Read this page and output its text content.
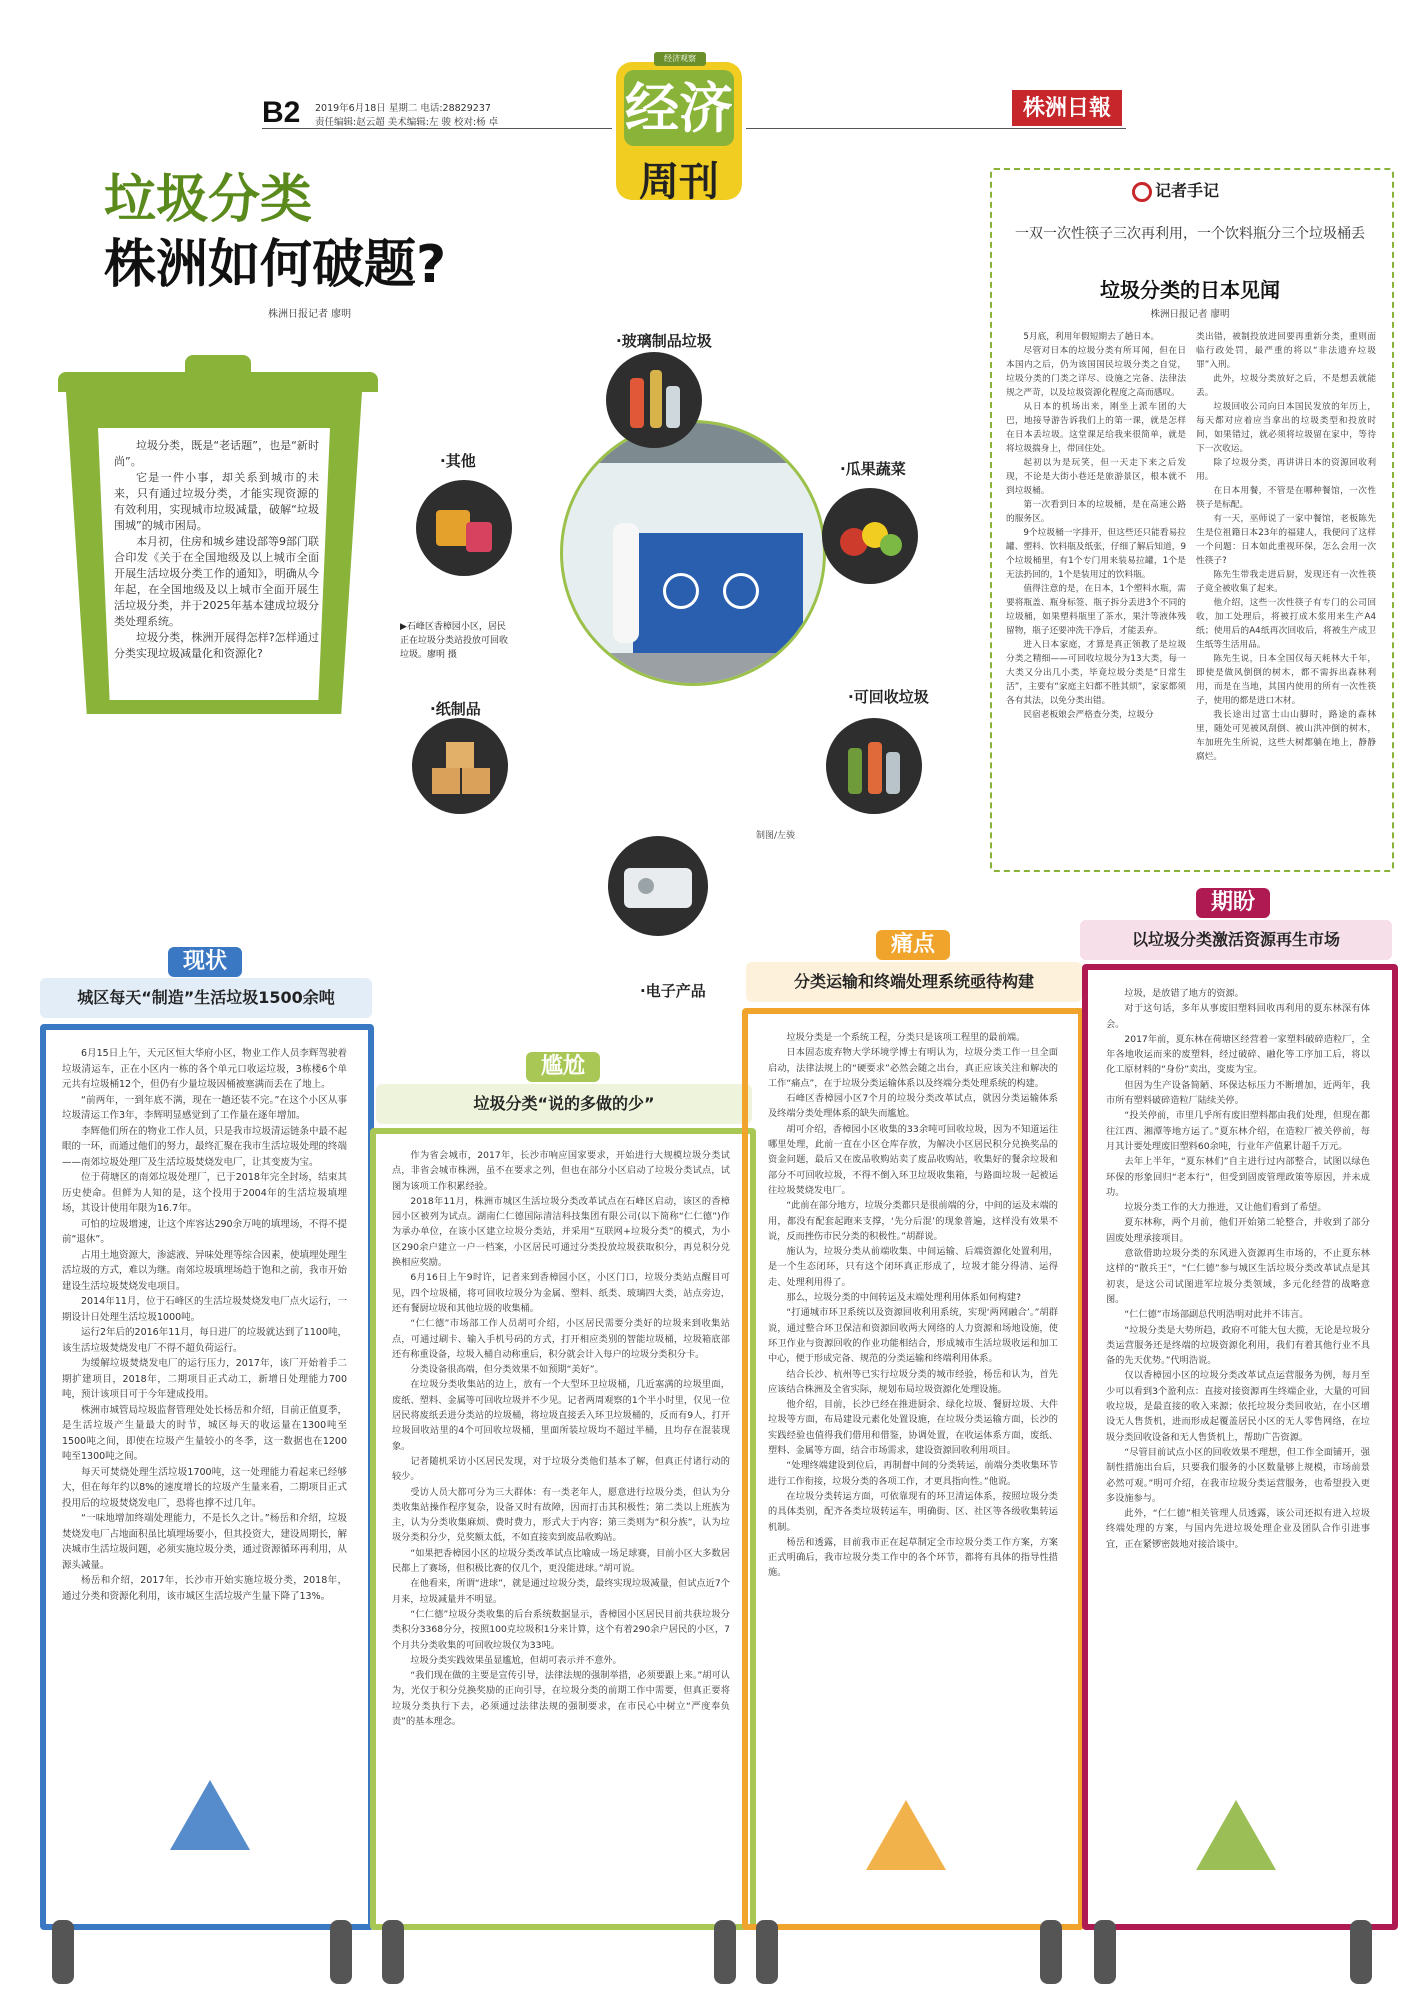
B2 2019年6月18日 星期二 电话:28829237
责任编辑:赵云超 美术编辑:左 骏 校对:杨 卓 经济
经济观察
周刊
株洲日報
垃圾分类
株洲如何破题?
株洲日报记者 廖明

垃圾分类，既是“老话题”，也是“新时尚”。

它是一件小事，却关系到城市的未来，只有通过垃圾分类，才能实现资源的有效利用，实现城市垃圾减量，破解“垃圾围城”的城市困局。

本月初，住房和城乡建设部等9部门联合印发《关于在全国地级及以上城市全面开展生活垃圾分类工作的通知》，明确从今年起，在全国地级及以上城市全面开展生活垃圾分类，并于2025年基本建成垃圾分类处理系统。

垃圾分类，株洲开展得怎样?怎样通过分类实现垃圾减量化和资源化?

▶石峰区香樟园小区，居民正在垃圾分类站投放可回收垃圾。廖明 摄
制图/左骏
·玻璃制品垃圾
·其他	·瓜果蔬菜
·纸制品
·可回收垃圾
·电子产品
记者手记
一双一次性筷子三次再利用，一个饮料瓶分三个垃圾桶丢
垃圾分类的日本见闻
株洲日报记者 廖明

5月底，利用年假短期去了趟日本。

尽管对日本的垃圾分类有所耳闻，但在日本国内之后，仍为该国国民垃圾分类之自觉，垃圾分类的门类之详尽、设施之完备、法律法规之严苛，以及垃圾资源化程度之高而感叹。

从日本的机场出来，刚坐上派车团的大巴，地接导游告诉我们上的第一课，就是怎样在日本丢垃圾。这堂课足给我来很简单，就是将垃圾揣身上，带回住处。

起初以为是玩笑，但一天走下来之后发现，不论是大街小巷还是旅游景区，根本就不到垃圾桶。

第一次看到日本的垃圾桶，是在高速公路的服务区。

9个垃圾桶一字排开，但这些还只能看易拉罐、塑料、饮料瓶及纸张，仔细了解后知道，9个垃圾桶里，有1个专门用来装易拉罐，1个是无法扔回的，1个是装用过的饮料瓶。

值得注意的是，在日本，1个塑料水瓶，需要将瓶盖、瓶身标签、瓶子拆分丢进3个不同的垃圾桶，如果塑料瓶里了茶水，果汁等液体残留物，瓶子还要冲洗干净后，才能丢弃。

进入日本家庭，才算是真正领教了是垃圾分类之精细——可回收垃圾分为13大类，每一大类又分出几小类，毕竟垃圾分类是“日常生活”，主要有“家庭主妇都不胜其烦”，家家都须各有其法，以免分类出错。

民宿老板娘会严格查分类，垃圾分

类出错，被制投放进回要再重新分类，重则面临行政处罚，最严重的将以“非法遗弃垃圾罪”入刑。

此外，垃圾分类放好之后，不是想丢就能丢。

垃圾回收公司向日本国民发放的年历上，每天都对应着应当拿出的垃圾类型和投放时间，如果错过，就必须将垃圾留在家中，等待下一次收运。

除了垃圾分类，再讲讲日本的资源回收利用。

在日本用餐，不管是在哪种餐馆，一次性筷子是标配。

有一天，巫师说了一家中餐馆，老板陈先生是位祖籍日本23年的福建人，我便问了这样一个问题：日本如此重视环保，怎么会用一次性筷子?

陈先生带我走进后厨，发现还有一次性筷子竟全被收集了起来。

他介绍，这些一次性筷子有专门的公司回收，加工处理后，将被打成木浆用来生产A4纸；使用后的A4纸再次回收后，将被生产成卫生纸等生活用品。

陈先生说，日本全国仅每天耗林大千年，即使是做风倒倒的树木，都不需拆出森林利用，而是在当地，其国内使用的所有一次性筷子，使用的都是进口木材。

我长途出过富士山山脚时，路途的森林里，随处可见被风刮倒、被山洪冲倒的树木，车加班先生所说，这些大树都躺在地上，静静腐烂。

现状
城区每天“制造”生活垃圾1500余吨

6月15日上午，天元区恒大华府小区，物业工作人员李辉驾驶着垃圾清运车，正在小区内一栋的各个单元口收运垃圾，3栋楼6个单元共有垃圾桶12个，但仍有少量垃圾因桶被塞满而丢在了地上。

“前两年，一到年底不满，现在一趟还装不完。”在这个小区从事垃圾清运工作3年，李辉明显感觉到了工作量在逐年增加。

李辉他们所在的物业工作人员，只是我市垃圾清运链条中最不起眼的一环，而通过他们的努力，最终汇聚在我市生活垃圾处理的终端——南郊垃圾处理厂及生活垃圾焚烧发电厂，让其变废为宝。

位于荷塘区的南郊垃圾处理厂，已于2018年完全封场，结束其历史使命。但鲜为人知的是，这个投用于2004年的生活垃圾填埋场，其设计使用年限为16.7年。

可怕的垃圾增速，让这个库容达290余万吨的填埋场，不得不提前“退休”。

占用土地资源大，渗滤液、异味处理等综合因素，使填埋处理生活垃圾的方式，难以为继。南郊垃圾填埋场趋于饱和之前，我市开始建设生活垃圾焚烧发电项目。

2014年11月，位于石峰区的生活垃圾焚烧发电厂点火运行，一期设计日处理生活垃圾1000吨。

运行2年后的2016年11月，每日进厂的垃圾就达到了1100吨，该生活垃圾焚烧发电厂不得不超负荷运行。

为缓解垃圾焚烧发电厂的运行压力，2017年，该厂开始着手二期扩建项目，2018年，二期项目正式动工，新增日处理能力700吨，预计该项目可于今年建成投用。

株洲市城管局垃圾监督管理处处长杨岳和介绍，目前正值夏季，是生活垃圾产生量最大的时节，城区每天的收运量在1300吨至1500吨之间，即使在垃圾产生量较小的冬季，这一数据也在1200吨至1300吨之间。

每天可焚烧处理生活垃圾1700吨，这一处理能力看起来已经够大，但在每年约以8%的速度增长的垃圾产生量来看，二期项目正式投用后的垃圾焚烧发电厂，恐将也撑不过几年。

“一味地增加终端处理能力，不是长久之计。”杨岳和介绍，垃圾焚烧发电厂占地面积虽比填埋场要小，但其投资大，建设周期长，解决城市生活垃圾问题，必须实施垃圾分类，通过资源循环再利用，从源头减量。

杨岳和介绍，2017年，长沙市开始实施垃圾分类，2018年，通过分类和资源化利用，该市城区生活垃圾产生量下降了13%。

尴尬
垃圾分类“说的多做的少”

作为省会城市，2017年，长沙市响应国家要求，开始进行大规模垃圾分类试点，非省会城市株洲，虽不在要求之列，但也在部分小区启动了垃圾分类试点，试图为该项工作积累经验。

2018年11月，株洲市城区生活垃圾分类改革试点在石峰区启动，该区的香樟园小区被列为试点。湖南仁仁德国际清洁科技集团有限公司(以下简称“仁仁德”)作为承办单位，在该小区建立垃圾分类站，并采用“互联网+垃圾分类”的模式，为小区290余户建立一户一档案，小区居民可通过分类投放垃圾获取积分，再兑积分兑换相应奖励。

6月16日上午9时许，记者来到香樟园小区，小区门口，垃圾分类站点醒目可见，四个垃圾桶，将可回收垃圾分为金属、塑料、纸类、玻璃四大类，站点旁边，还有餐厨垃圾和其他垃圾的收集桶。

“仁仁德”市场部工作人员胡可介绍，小区居民需要分类好的垃圾来到收集站点，可通过刷卡、输入手机号码的方式，打开相应类别的智能垃圾桶，垃圾箱底部还有称重设备，垃圾入桶自动称重后，积分就会计入每户的垃圾分类积分卡。

分类设备很高端，但分类效果不如预期“美好”。

在垃圾分类收集站的边上，放有一个大型环卫垃圾桶，几近塞满的垃圾里面，废纸、塑料、金属等可回收垃圾并不少见。记者两周观察的1个半小时里，仅见一位居民将废纸丢进分类站的垃圾桶，将垃圾直接丢入环卫垃圾桶的，反而有9人，打开垃圾回收站里的4个可回收垃圾桶，里面所装垃圾均不超过半桶，且均存在混装现象。

记者随机采访小区居民发现，对于垃圾分类他们基本了解，但真正付诸行动的较少。

受访人员大都可分为三大群体：有一类老年人，愿意进行垃圾分类，但认为分类收集站操作程序复杂，设备又时有故障，因而打击其积极性；第二类以上班族为主，认为分类收集麻烦、费时费力，形式大于内容；第三类则为“积分族”，认为垃圾分类积分少，兑奖额太低，不如直接卖到废品收购站。

“如果把香樟园小区的垃圾分类改革试点比喻成一场足球赛，目前小区大多数居民都上了赛场，但积极比赛的仅几个，更没能进球。”胡可说。

在他看来，所谓“进球”，就是通过垃圾分类，最终实现垃圾减量，但试点近7个月来，垃圾减量并不明显。

“仁仁德”垃圾分类收集的后台系统数据显示，香樟园小区居民目前共获垃圾分类积分3368分分，按照100克垃圾积1分来计算，这个有着290余户居民的小区，7个月共分类收集的可回收垃圾仅为33吨。

垃圾分类实践效果虽显尴尬，但胡可表示并不意外。

“我们现在做的主要是宣传引导，法律法规的强制举措，必须要跟上来。”胡可认为，光仅于积分兑换奖励的正向引导，在垃圾分类的前期工作中需要，但真正要将垃圾分类执行下去，必须通过法律法规的强制要求，在市民心中树立“严度奉负责”的基本理念。

痛点
分类运输和终端处理系统亟待构建

垃圾分类是一个系统工程，分类只是该项工程里的最前端。

日本固态废弃物大学环境学博士有明认为，垃圾分类工作一旦全面启动，法律法规上的“硬要求”必然会随之出台，真正应该关注和解决的工作“痛点”，在于垃圾分类运输体系以及终端分类处理系统的构建。

石峰区香樟园小区7个月的垃圾分类改革试点，就因分类运输体系及终端分类处理体系的缺失而尴尬。

胡可介绍，香樟园小区收集的33余吨可回收垃圾，因为不知道运往哪里处理，此前一直在小区仓库存放，为解决小区居民积分兑换奖品的资金问题，最后又在废品收购站卖了废品收购站，收集好的餐余垃圾和部分不可回收垃圾，不得不倒入环卫垃圾收集箱，与路面垃圾一起被运往垃圾焚烧发电厂。

“此前在部分地方，垃圾分类都只是很前端的分，中间的运及末端的用，都没有配套起跑来支撑，‘先分后混’的现象普遍，这样没有效果不说，反而挫伤市民分类的积极性。”胡群说。

施认为，垃圾分类从前端收集、中间运输、后端资源化处置利用，是一个生态闭环，只有这个闭环真正形成了，垃圾才能分得清、运得走、处理利用得了。

那么，垃圾分类的中间转运及末端处理利用体系如何构建?

“打通城市环卫系统以及资源回收利用系统，实现‘两网融合’。”胡群说，通过整合环卫保洁和资源回收两大网络的人力资源和场地设施，使环卫作业与资源回收的作业功能相结合，形成城市生活垃圾收运和加工中心，便于形成完备、规范的分类运输和终端利用体系。

结合长沙、杭州等已实行垃圾分类的城市经验，杨岳和认为，首先应该结合株洲及全省实际，规划布局垃圾资源化处理设施。

他介绍，目前，长沙已经在推进厨余、绿化垃圾、餐厨垃圾、大件垃圾等方面，布局建设元素化处置设施，在垃圾分类运输方面，长沙的实践经验也值得我们借用和借鉴，协调处置，在收运体系方面，废纸、塑料、金属等方面，结合市场需求，建设资源回收利用项目。

“处理终端建设到位后，再制督中间的分类转运，前端分类收集环节进行工作衔接，垃圾分类的各项工作，才更具指向性。”他说。

在垃圾分类转运方面，可依靠现有的环卫清运体系，按照垃圾分类的具体类别，配齐各类垃圾转运车，明确街、区、社区等各级收集转运机制。

杨岳和透露，目前我市正在起草制定全市垃圾分类工作方案，方案正式明确后，我市垃圾分类工作中的各个环节，都将有具体的指导性措施。

期盼
以垃圾分类激活资源再生市场

垃圾，是放错了地方的资源。

对于这句话，多年从事废旧塑料回收再利用的夏东林深有体会。

2017年前，夏东林在荷塘区经营着一家塑料破碎造粒厂，全年各地收运而来的废塑料，经过破碎、融化等工序加工后，将以化工原材料的“身份”卖出，变废为宝。

但因为生产设备简陋、环保达标压力不断增加，近两年，我市所有塑料破碎造粒厂陆续关停。

“投关停前，市里几乎所有废旧塑料都由我们处理，但现在都往江西、湘潭等地方运了。”夏东林介绍，在造粒厂被关停前，每月其计要处理废旧塑料60余吨，行业年产值累计超千万元。

去年上半年，“夏东林们”自主进行过内部整合，试图以绿色环保的形象回归“老本行”，但受到固废管理政策等原因，并未成功。

垃圾分类工作的大力推进，又让他们看到了希望。

夏东林称，两个月前，他们开始第二轮整合，并收到了部分固废处理承接项目。

意欲借助垃圾分类的东风进入资源再生市场的，不止夏东林这样的“散兵王”，“仁仁德”参与城区生活垃圾分类改革试点是其初衷，是这公司试图进军垃圾分类领域，多元化经营的战略意图。

“仁仁德”市场部副总代明浩明对此并不讳言。

“垃圾分类是大势所趋，政府不可能大包大揽，无论是垃圾分类运营服务还是终端的垃圾资源化利用，我们有着其他行业不具备的先天优势。”代明浩说。

仅以香樟园小区的垃圾分类改革试点运营服务为例，每月至少可以看到3个盈利点：直接对接资源再生终端企业，大量的可回收垃圾，是最直接的收入来源；依托垃圾分类回收站，在小区增设无人售货机，进而形成起覆盖居民小区的无人零售网络，在垃圾分类回收设备和无人售货机上，帮助广告资源。

“尽管目前试点小区的回收效果不理想，但工作全面铺开，强制性措施出台后，只要我们服务的小区数量够上规模，市场前景必然可观。”明可介绍，在我市垃圾分类运营服务，也希望投入更多设施参与。

此外，“仁仁德”相关管理人员透露，该公司还拟有进入垃圾终端处理的方案，与国内先进垃圾处理企业及团队合作引进事宜，正在紧锣密鼓地对接洽谈中。
